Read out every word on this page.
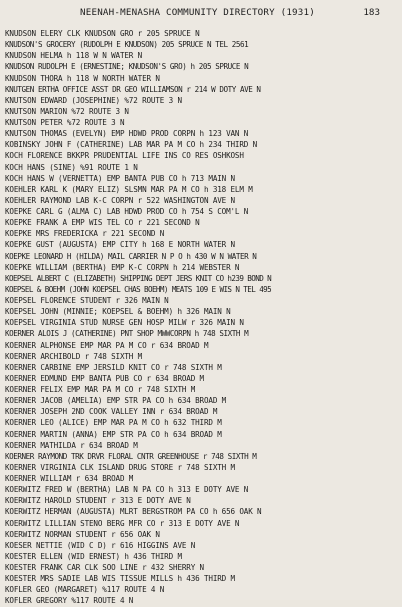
NEENAH-MENASHA COMMUNITY DIRECTORY (1931)	183
KNUDSON ELERY CLK KNUDSON GRO r 205 SPRUCE N
KNUDSON'S GROCERY (RUDOLPH E KNUDSON) 205 SPRUCE N TEL 2561
KNUDSON HELMA h 118 W N WATER N
KNUDSON RUDOLPH E (ERNESTINE; KNUDSON'S GRO) h 205 SPRUCE N
KNUDSON THORA h 118 W NORTH WATER N
KNUTGEN ERTHA OFFICE ASST DR GEO WILLIAMSON r 214 W DOTY AVE N
KNUTSON EDWARD (JOSEPHINE) %72 ROUTE 3 N
KNUTSON MARION %72 ROUTE 3 N
KNUTSON PETER %72 ROUTE 3 N
KNUTSON THOMAS (EVELYN) EMP HDWD PROD CORPN h 123 VAN N
KOBINSKY JOHN F (CATHERINE) LAB MAR PA M CO h 234 THIRD N
KOCH FLORENCE BKKPR PRUDENTIAL LIFE INS CO RES OSHKOSH
KOCH HANS (SINE) %91 ROUTE 1 N
KOCH HANS W (VERNETTA) EMP BANTA PUB CO h 713 MAIN N
KOEHLER KARL K (MARY ELIZ) SLSMN MAR PA M CO h 318 ELM M
KOEHLER RAYMOND LAB K-C CORPN r 522 WASHINGTON AVE N
KOEPKE CARL G (ALMA C) LAB HDWD PROD CO h 754 S COM'L N
KOEPKE FRANK A EMP WIS TEL CO r 221 SECOND N
KOEPKE MRS FREDERICKA r 221 SECOND N
KOEPKE GUST (AUGUSTA) EMP CITY h 168 E NORTH WATER N
KOEPKE LEONARD H (HILDA) MAIL CARRIER N P O h 430 W N WATER N
KOEPKE WILLIAM (BERTHA) EMP K-C CORPN h 214 WEBSTER N
KOEPSEL ALBERT C (ELIZABETH) SHIPPING DEPT JERS KNIT CO h239 BOND N
KOEPSEL & BOEHM (JOHN KOEPSEL CHAS BOEHM) MEATS 109 E WIS N TEL 495
KOEPSEL FLORENCE STUDENT r 326 MAIN N
KOEPSEL JOHN (MINNIE; KOEPSEL & BOEHM) h 326 MAIN N
KOEPSEL VIRGINIA STUD NURSE GEN HOSP MILW r 326 MAIN N
KOERNER ALOIS J (CATHERINE) PNT SHOP MWWCORPN h 748 SIXTH M
KOERNER ALPHONSE EMP MAR PA M CO r 634 BROAD M
KOERNER ARCHIBOLD r 748 SIXTH M
KOERNER CARBINE EMP JERSILD KNIT CO r 748 SIXTH M
KOERNER EDMUND EMP BANTA PUB CO r 634 BROAD M
KOERNER FELIX EMP MAR PA M CO r 748 SIXTH M
KOERNER JACOB (AMELIA) EMP STR PA CO h 634 BROAD M
KOERNER JOSEPH 2ND COOK VALLEY INN r 634 BROAD M
KOERNER LEO (ALICE) EMP MAR PA M CO h 632 THIRD M
KOERNER MARTIN (ANNA) EMP STR PA CO h 634 BROAD M
KOERNER MATHILDA r 634 BROAD M
KOERNER RAYMOND TRK DRVR FLORAL CNTR GREENHOUSE r 748 SIXTH M
KOERNER VIRGINIA CLK ISLAND DRUG STORE r 748 SIXTH M
KOERNER WILLIAM r 634 BROAD M
KOERWITZ FRED W (BERTHA) LAB N PA CO h 313 E DOTY AVE N
KOERWITZ HAROLD STUDENT r 313 E DOTY AVE N
KOERWITZ HERMAN (AUGUSTA) MLRT BERGSTROM PA CO h 656 OAK N
KOERWITZ LILLIAN STENO BERG MFR CO r 313 E DOTY AVE N
KOERWITZ NORMAN STUDENT r 656 OAK N
KOESER NETTIE (WID C D) r 616 HIGGINS AVE N
KOESTER ELLEN (WID ERNEST) h 436 THIRD M
KOESTER FRANK CAR CLK SOO LINE r 432 SHERRY N
KOESTER MRS SADIE LAB WIS TISSUE MILLS h 436 THIRD M
KOFLER GEO (MARGARET) %117 ROUTE 4 N
KOFLER GREGORY %117 ROUTE 4 N
